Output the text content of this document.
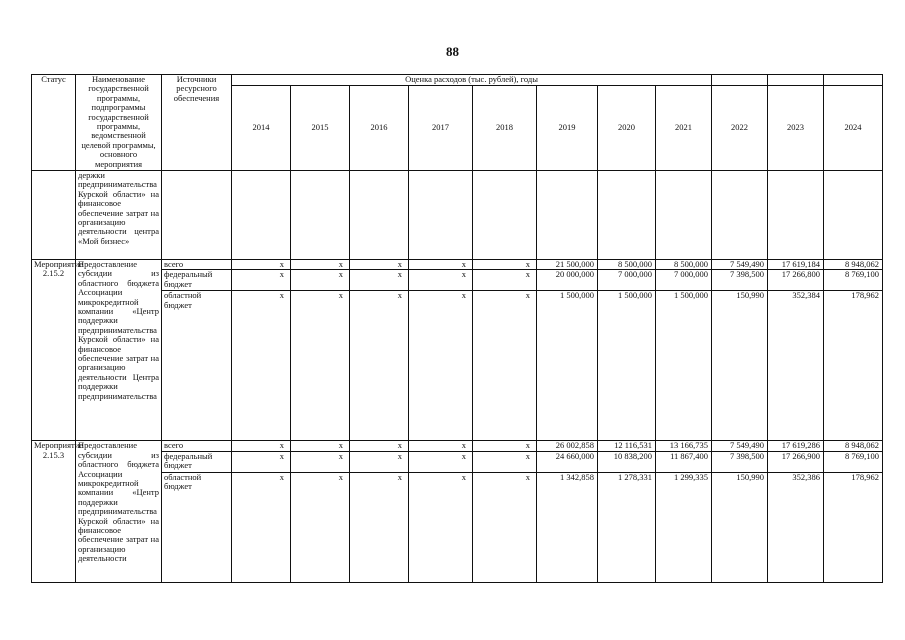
88
Статус	Наименование государственной программы, подпрограммы государственной программы, ведомственной целевой программы, основного мероприятия	Источники ресурсного обеспечения	Оценка расходов (тыс. рублей), годы										
			2014	2015	2016	2017	2018	2019	2020	2021	2022	2023	2024
	держки предпринимательства Курской области» на финансовое обеспечение затрат на организацию деятельности центра «Мой бизнес»												
Мероприятие 2.15.2	Предоставление субсидии из областного бюджета Ассоциации микрокредитной компании «Центр поддержки предпринимательства Курской области» на финансовое обеспечение затрат на организацию деятельности Центра поддержки предпринимательства	всего	x	x	x	x	x	21 500,000	8 500,000	8 500,000	7 549,490	17 619,184	8 948,062
		федеральный бюджет	x	x	x	x	x	20 000,000	7 000,000	7 000,000	7 398,500	17 266,800	8 769,100
		областной бюджет	x	x	x	x	x	1 500,000	1 500,000	1 500,000	150,990	352,384	178,962
Мероприятие 2.15.3	Предоставление субсидии из областного бюджета Ассоциации микрокредитной компании «Центр поддержки предпринимательства Курской области» на финансовое обеспечение затрат на организацию деятельности	всего	x	x	x	x	x	26 002,858	12 116,531	13 166,735	7 549,490	17 619,286	8 948,062
		федеральный бюджет	x	x	x	x	x	24 660,000	10 838,200	11 867,400	7 398,500	17 266,900	8 769,100
		областной бюджет	x	x	x	x	x	1 342,858	1 278,331	1 299,335	150,990	352,386	178,962
